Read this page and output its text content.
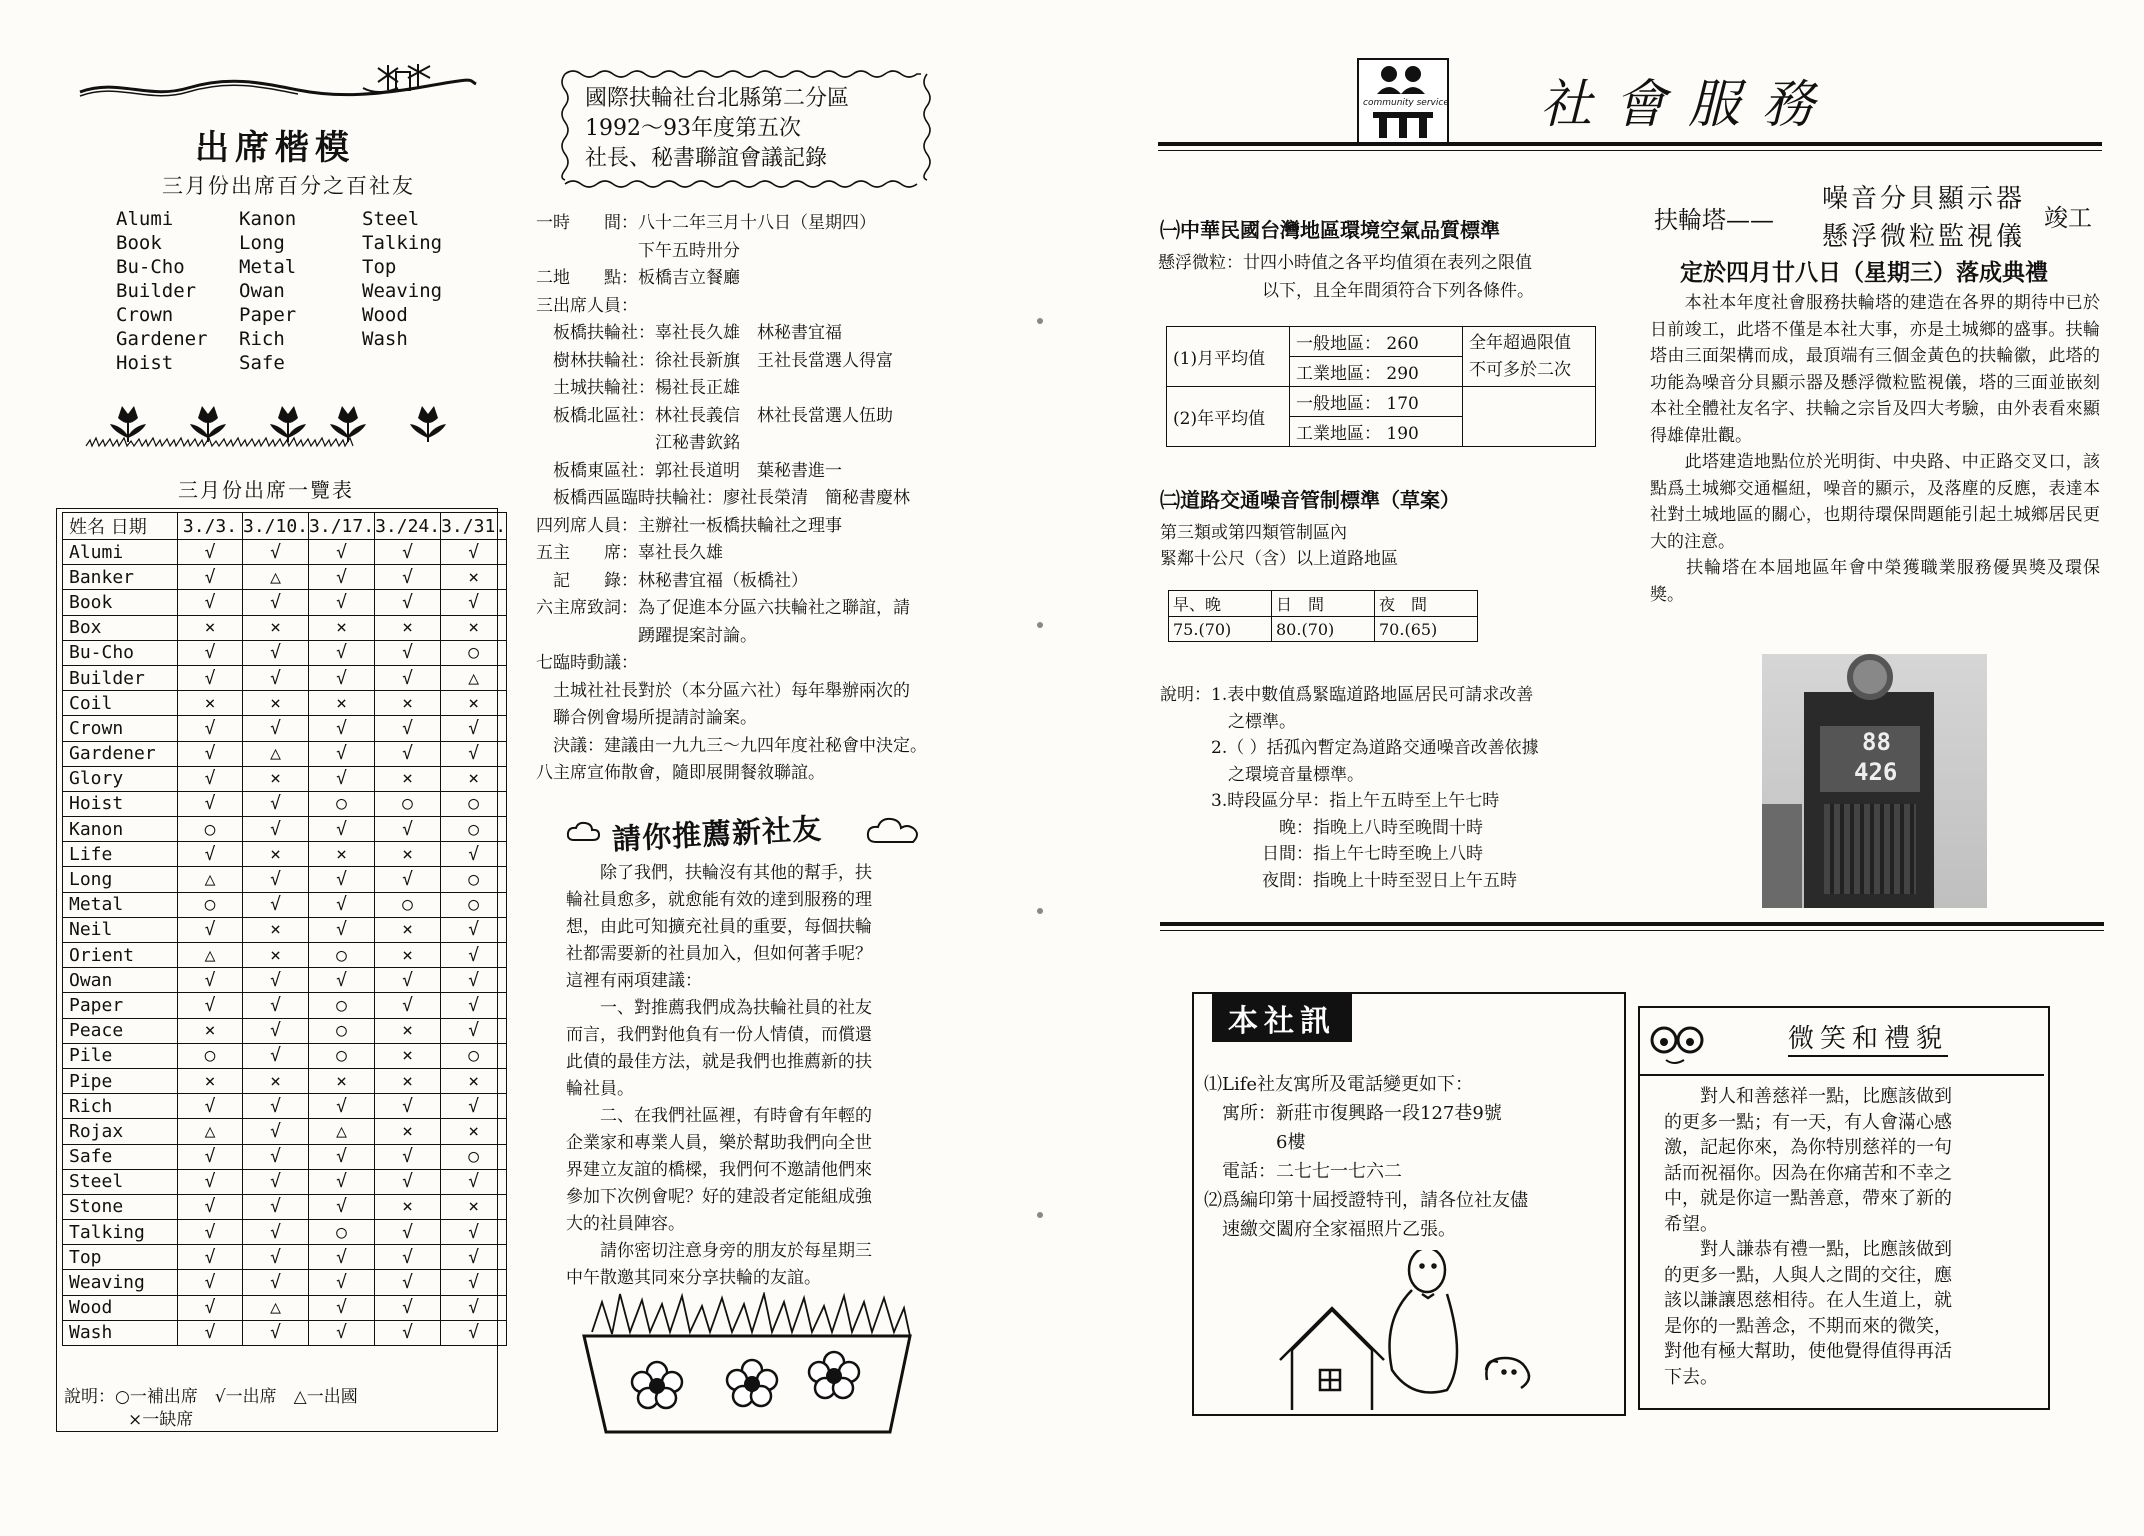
出席楷模
三月份出席百分之百社友
Alumi	Kanon	Steel
Book	Long	Talking
Bu-Cho	Metal	Top
Builder	Owan	Weaving
Crown	Paper	Wood
Gardener	Rich	Wash
Hoist	Safe
三月份出席一覽表
姓名 日期	3./3.	3./10.	3./17.	3./24.	3./31.
Alumi	√	√	√	√	√
Banker	√	△	√	√	×
Book	√	√	√	√	√
Box	×	×	×	×	×
Bu-Cho	√	√	√	√	○
Builder	√	√	√	√	△
Coil	×	×	×	×	×
Crown	√	√	√	√	√
Gardener	√	△	√	√	√
Glory	√	×	√	×	×
Hoist	√	√	○	○	○
Kanon	○	√	√	√	○
Life	√	×	×	×	√
Long	△	√	√	√	○
Metal	○	√	√	○	○
Neil	√	×	√	×	√
Orient	△	×	○	×	√
Owan	√	√	√	√	√
Paper	√	√	○	√	√
Peace	×	√	○	×	√
Pile	○	√	○	×	○
Pipe	×	×	×	×	×
Rich	√	√	√	√	√
Rojax	△	√	△	×	×
Safe	√	√	√	√	○
Steel	√	√	√	√	√
Stone	√	√	√	×	×
Talking	√	√	○	√	√
Top	√	√	√	√	√
Weaving	√	√	√	√	√
Wood	√	△	√	√	√
Wash	√	√	√	√	√
說明：○一補出席　√一出席　△一出國
×一缺席
國際扶輪社台北縣第二分區
1992～93年度第五次
社長、秘書聯誼會議記錄
一時　　間：八十二年三月十八日（星期四）
　　　　　　下午五時卅分
二地　　點：板橋吉立餐廳
三出席人員：
　板橋扶輪社：辜社長久雄　林秘書宜福
　樹林扶輪社：徐社長新旗　王社長當選人得富
　土城扶輪社：楊社長正雄
　板橋北區社：林社長義信　林社長當選人伍助
　　　　　　　江秘書欽銘
　板橋東區社：郭社長道明　葉秘書進一
　板橋西區臨時扶輪社：廖社長榮清　簡秘書慶林
四列席人員：主辦社一板橋扶輪社之理事
五主　　席：辜社長久雄
　記　　錄：林秘書宜福（板橋社）
六主席致詞：為了促進本分區六扶輪社之聯誼，請
　　　　　　踴躍提案討論。
七臨時動議：
　土城社社長對於（本分區六社）每年舉辦兩次的
　聯合例會場所提請討論案。
　決議：建議由一九九三～九四年度社秘會中決定。
八主席宣佈散會，隨即展開餐敘聯誼。
請你推薦新社友
　　除了我們，扶輪沒有其他的幫手，扶
輪社員愈多，就愈能有效的達到服務的理
想，由此可知擴充社員的重要，每個扶輪
社都需要新的社員加入，但如何著手呢？
這裡有兩項建議：
　　一、對推薦我們成為扶輪社員的社友
而言，我們對他負有一份人情債，而償還
此債的最佳方法，就是我們也推薦新的扶
輪社員。
　　二、在我們社區裡，有時會有年輕的
企業家和專業人員，樂於幫助我們向全世
界建立友誼的橋樑，我們何不邀請他們來
參加下次例會呢？好的建設者定能組成強
大的社員陣容。
　　請你密切注意身旁的朋友於每星期三
中午散邀其同來分享扶輪的友誼。
community service 社會服務
㈠中華民國台灣地區環境空氣品質標準
懸浮微粒：廿四小時值之各平均值須在表列之限值
以下，且全年間須符合下列各條件。
(1)月平均值	一般地區： 260	全年超過限值
不可多於二次

	工業地區： 290	
(2)年平均值	一般地區： 170	
	工業地區： 190	
㈡道路交通噪音管制標準（草案）
第三類或第四類管制區內
緊鄰十公尺（含）以上道路地區
早、晚	日　間	夜　間
75.(70)	80.(70)	70.(65)
說明：1.表中數值爲緊臨道路地區居民可請求改善
　　　　之標準。
　　　2.（ ）括孤內暫定為道路交通噪音改善依據
　　　　之環境音量標準。
　　　3.時段區分早：指上午五時至上午七時
　　　　　　　晚：指晚上八時至晚間十時
　　　　　　日間：指上午七時至晚上八時
　　　　　　夜間：指晚上十時至翌日上午五時
扶輪塔——
噪音分貝顯示器
懸浮微粒監視儀
竣工
定於四月廿八日（星期三）落成典禮

　　本社本年度社會服務扶輪塔的建造在各界的期待中已於日前竣工，此塔不僅是本社大事，亦是土城鄉的盛事。扶輪塔由三面架構而成，最頂端有三個金黃色的扶輪徽，此塔的功能為噪音分貝顯示器及懸浮微粒監視儀，塔的三面並嵌刻本社全體社友名字、扶輪之宗旨及四大考驗，由外表看來顯得雄偉壯觀。

　　此塔建造地點位於光明街、中央路、中正路交叉口，該點爲土城鄉交通樞紐，噪音的顯示，及落塵的反應，表達本社對土城地區的關心，也期待環保問題能引起土城鄉居民更大的注意。

　　扶輪塔在本屆地區年會中榮獲職業服務優異獎及環保獎。

88
426
本社訊
⑴Life社友寓所及電話變更如下：
　寓所：新莊市復興路一段127巷9號
　　　　6樓
　電話：二七七一七六二
⑵爲編印第十屆授證特刊，請各位社友儘
　速繳交闔府全家福照片乙張。
微笑和禮貌
　　對人和善慈祥一點，比應該做到
的更多一點；有一天，有人會滿心感
激，記起你來，為你特別慈祥的一句
話而祝福你。因為在你痛苦和不幸之
中，就是你這一點善意，帶來了新的
希望。
　　對人謙恭有禮一點，比應該做到
的更多一點，人與人之間的交往，應
該以謙讓恩慈相待。在人生道上，就
是你的一點善念，不期而來的微笑，
對他有極大幫助，使他覺得值得再活
下去。
